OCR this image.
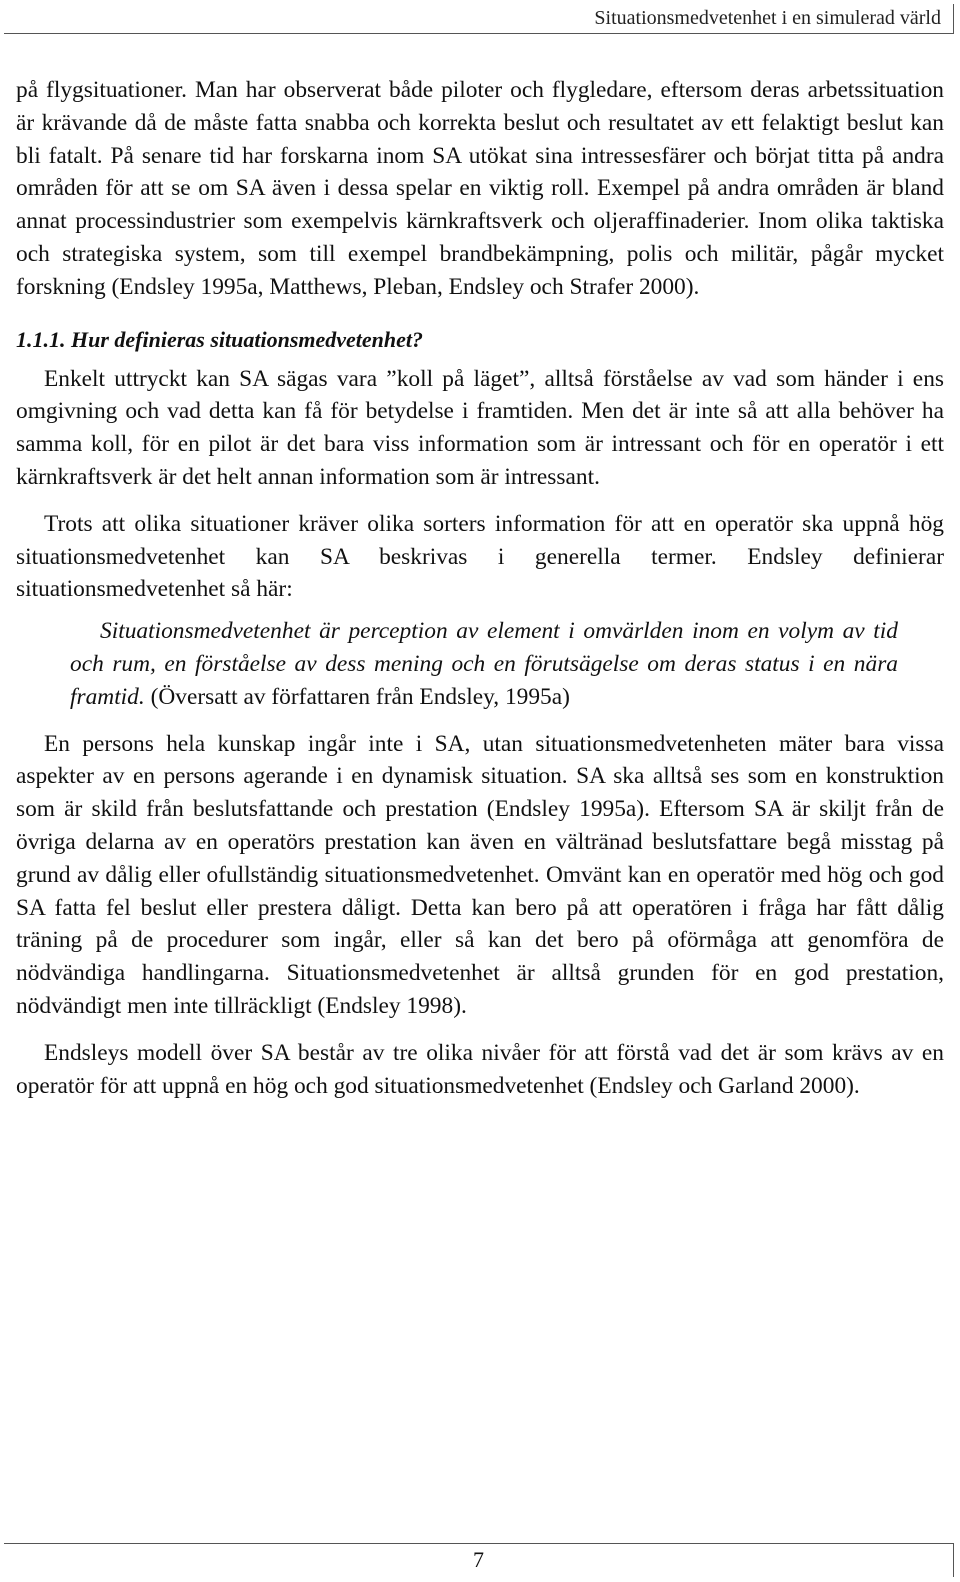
Situationsmedvetenhet i en simulerad värld

på flygsituationer. Man har observerat både piloter och flygledare, eftersom deras arbetssituation är krävande då de måste fatta snabba och korrekta beslut och resultatet av ett felaktigt beslut kan bli fatalt. På senare tid har forskarna inom SA utökat sina intressesfärer och börjat titta på andra områden för att se om SA även i dessa spelar en viktig roll. Exempel på andra områden är bland annat processindustrier som exempelvis kärnkraftsverk och oljeraffinaderier. Inom olika taktiska och strategiska system, som till exempel brandbekämpning, polis och militär, pågår mycket forskning (Endsley 1995a, Matthews, Pleban, Endsley och Strafer 2000).

1.1.1. Hur definieras situationsmedvetenhet?

Enkelt uttryckt kan SA sägas vara ”koll på läget”, alltså förståelse av vad som händer i ens omgivning och vad detta kan få för betydelse i framtiden. Men det är inte så att alla behöver ha samma koll, för en pilot är det bara viss information som är intressant och för en operatör i ett kärnkraftsverk är det helt annan information som är intressant.

Trots att olika situationer kräver olika sorters information för att en operatör ska uppnå hög situationsmedvetenhet kan SA beskrivas i generella termer. Endsley definierar situationsmedvetenhet så här:

Situationsmedvetenhet är perception av element i omvärlden inom en volym av tid och rum, en förståelse av dess mening och en förutsägelse om deras status i en nära framtid. (Översatt av författaren från Endsley, 1995a)

En persons hela kunskap ingår inte i SA, utan situationsmedvetenheten mäter bara vissa aspekter av en persons agerande i en dynamisk situation. SA ska alltså ses som en konstruktion som är skild från beslutsfattande och prestation (Endsley 1995a). Eftersom SA är skiljt från de övriga delarna av en operatörs prestation kan även en vältränad beslutsfattare begå misstag på grund av dålig eller ofullständig situationsmedvetenhet. Omvänt kan en operatör med hög och god SA fatta fel beslut eller prestera dåligt. Detta kan bero på att operatören i fråga har fått dålig träning på de procedurer som ingår, eller så kan det bero på oförmåga att genomföra de nödvändiga handlingarna. Situationsmedvetenhet är alltså grunden för en god prestation, nödvändigt men inte tillräckligt (Endsley 1998).

Endsleys modell över SA består av tre olika nivåer för att förstå vad det är som krävs av en operatör för att uppnå en hög och god situationsmedvetenhet (Endsley och Garland 2000).

7
